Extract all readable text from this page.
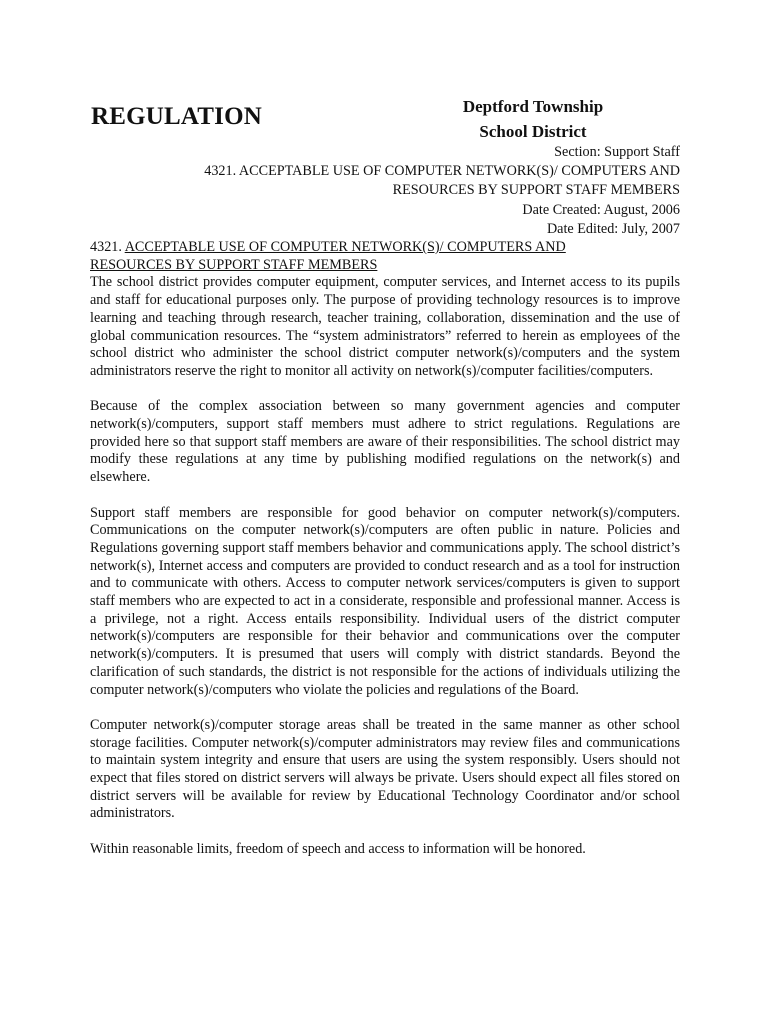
REGULATION	Deptford Township
School District
Section: Support Staff
4321. ACCEPTABLE USE OF COMPUTER NETWORK(S)/ COMPUTERS AND
RESOURCES BY SUPPORT STAFF MEMBERS
Date Created: August, 2006
Date Edited: July, 2007
4321. ACCEPTABLE USE OF COMPUTER NETWORK(S)/ COMPUTERS AND
RESOURCES BY SUPPORT STAFF MEMBERS

The school district provides computer equipment, computer services, and Internet access to its pupils and staff for educational purposes only. The purpose of providing technology resources is to improve learning and teaching through research, teacher training, collaboration, dissemination and the use of global communication resources. The “system administrators” referred to herein as employees of the school district who administer the school district computer network(s)/computers and the system administrators reserve the right to monitor all activity on network(s)/computer facilities/computers.

Because of the complex association between so many government agencies and computer network(s)/computers, support staff members must adhere to strict regulations. Regulations are provided here so that support staff members are aware of their responsibilities. The school district may modify these regulations at any time by publishing modified regulations on the network(s) and elsewhere.

Support staff members are responsible for good behavior on computer network(s)/computers. Communications on the computer network(s)/computers are often public in nature. Policies and Regulations governing support staff members behavior and communications apply. The school district’s network(s), Internet access and computers are provided to conduct research and as a tool for instruction and to communicate with others. Access to computer network services/computers is given to support staff members who are expected to act in a considerate, responsible and professional manner. Access is a privilege, not a right. Access entails responsibility. Individual users of the district computer network(s)/computers are responsible for their behavior and communications over the computer network(s)/computers. It is presumed that users will comply with district standards. Beyond the clarification of such standards, the district is not responsible for the actions of individuals utilizing the computer network(s)/computers who violate the policies and regulations of the Board.

Computer network(s)/computer storage areas shall be treated in the same manner as other school storage facilities. Computer network(s)/computer administrators may review files and communications to maintain system integrity and ensure that users are using the system responsibly. Users should not expect that files stored on district servers will always be private. Users should expect all files stored on district servers will be available for review by Educational Technology Coordinator and/or school administrators.

Within reasonable limits, freedom of speech and access to information will be honored.
